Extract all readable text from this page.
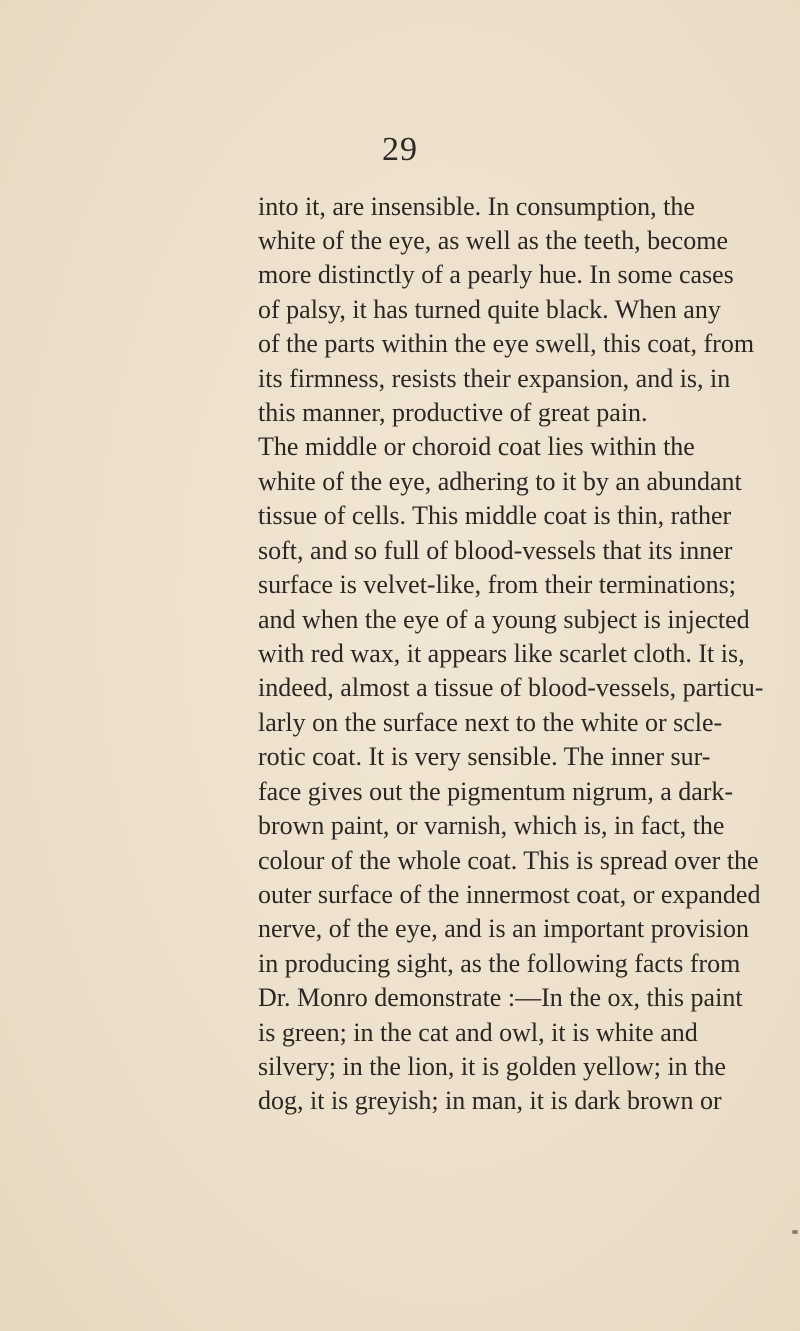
29
into it, are insensible. In consumption, the
white of the eye, as well as the teeth, become
more distinctly of a pearly hue. In some cases
of palsy, it has turned quite black. When any
of the parts within the eye swell, this coat, from
its firmness, resists their expansion, and is, in
this manner, productive of great pain.
The middle or choroid coat lies within the
white of the eye, adhering to it by an abundant
tissue of cells. This middle coat is thin, rather
soft, and so full of blood-vessels that its inner
surface is velvet-like, from their terminations;
and when the eye of a young subject is injected
with red wax, it appears like scarlet cloth. It is,
indeed, almost a tissue of blood-vessels, particu-
larly on the surface next to the white or scle-
rotic coat. It is very sensible. The inner sur-
face gives out the pigmentum nigrum, a dark-
brown paint, or varnish, which is, in fact, the
colour of the whole coat. This is spread over the
outer surface of the innermost coat, or expanded
nerve, of the eye, and is an important provision
in producing sight, as the following facts from
Dr. Monro demonstrate :—In the ox, this paint
is green; in the cat and owl, it is white and
silvery; in the lion, it is golden yellow; in the
dog, it is greyish; in man, it is dark brown or
